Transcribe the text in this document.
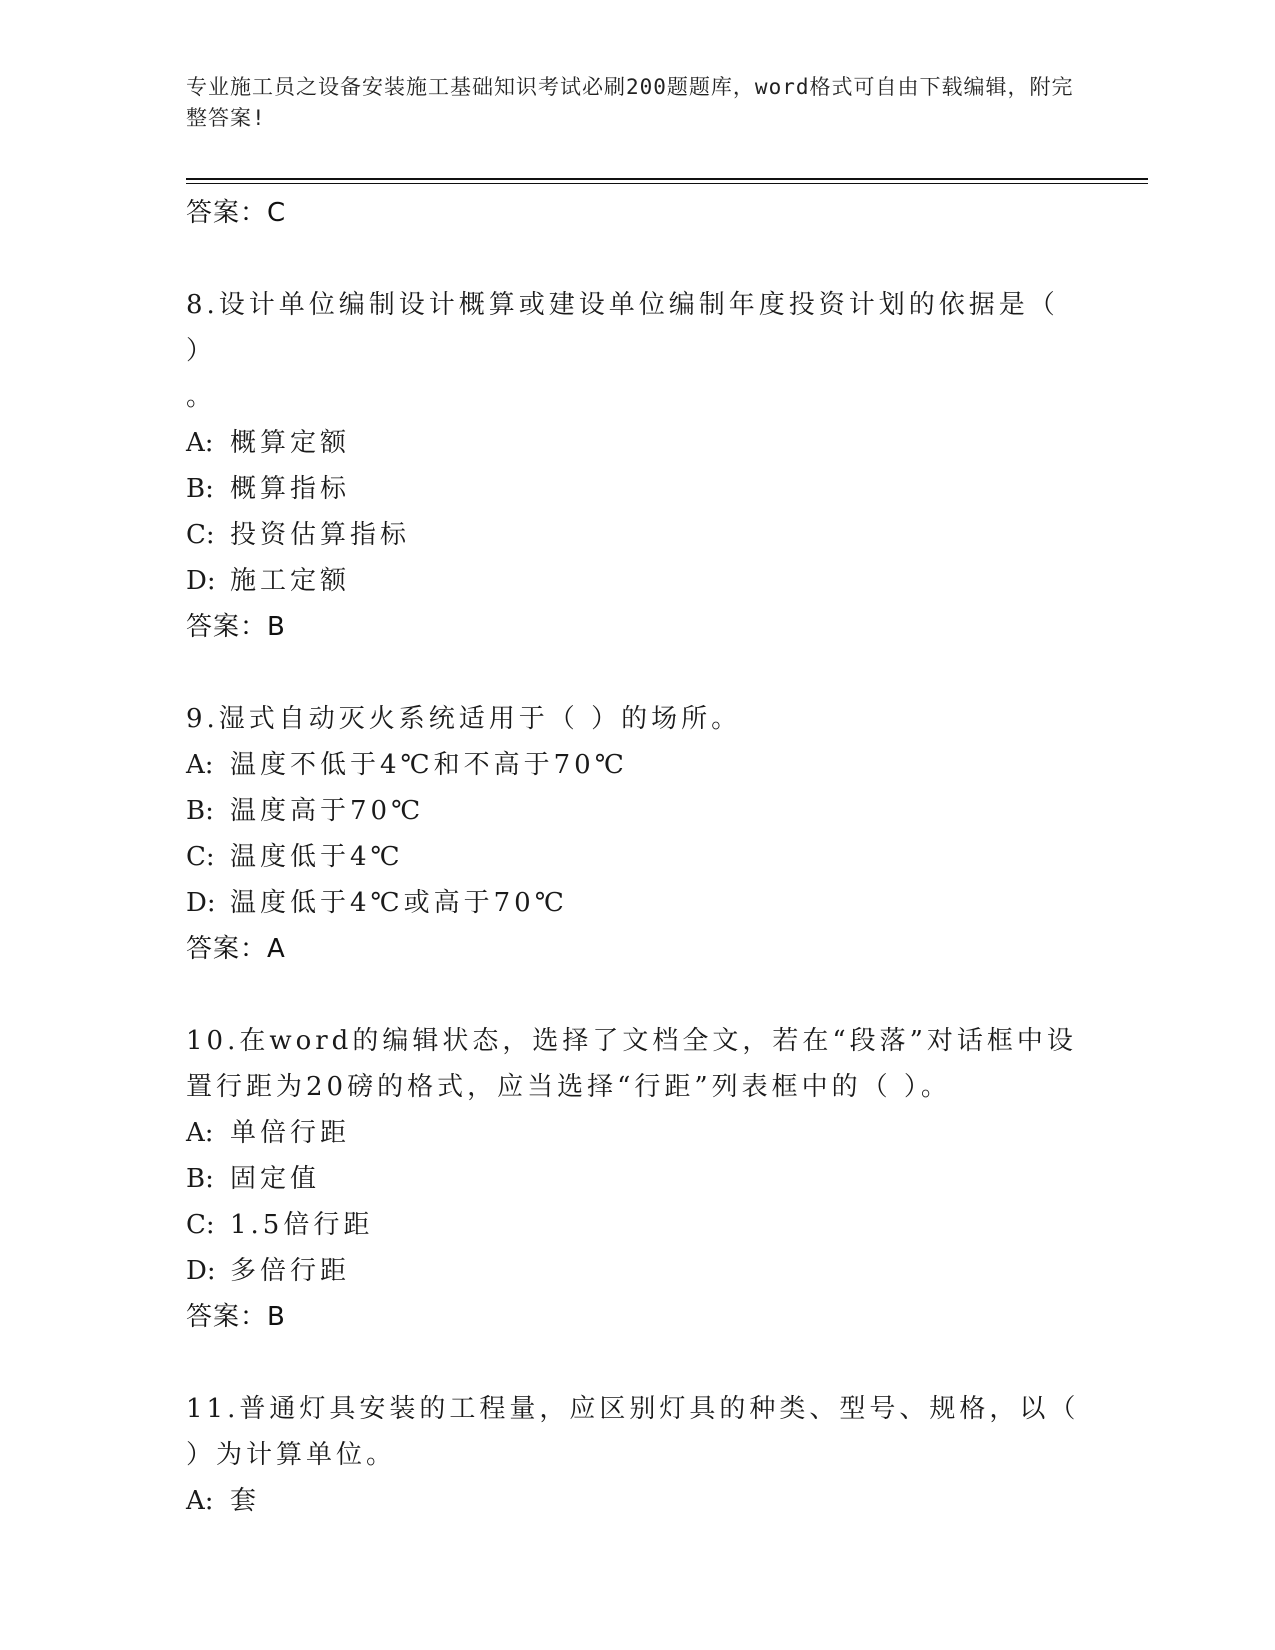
专业施工员之设备安装施工基础知识考试必刷200题题库，word格式可自由下载编辑，附完整答案!
答案：C
8.设计单位编制设计概算或建设单位编制年度投资计划的依据是（ ）
。
A: 概算定额
B: 概算指标
C: 投资估算指标
D: 施工定额
答案：B
9.湿式自动灭火系统适用于（ ）的场所。
A: 温度不低于4℃和不高于70℃
B: 温度高于70℃
C: 温度低于4℃
D: 温度低于4℃或高于70℃
答案：A
10.在word的编辑状态，选择了文档全文，若在“段落”对话框中设
置行距为20磅的格式，应当选择“行距”列表框中的（ ）。
A: 单倍行距
B: 固定值
C: 1.5倍行距
D: 多倍行距
答案：B
11.普通灯具安装的工程量，应区别灯具的种类、型号、规格，以（
）为计算单位。
A: 套
